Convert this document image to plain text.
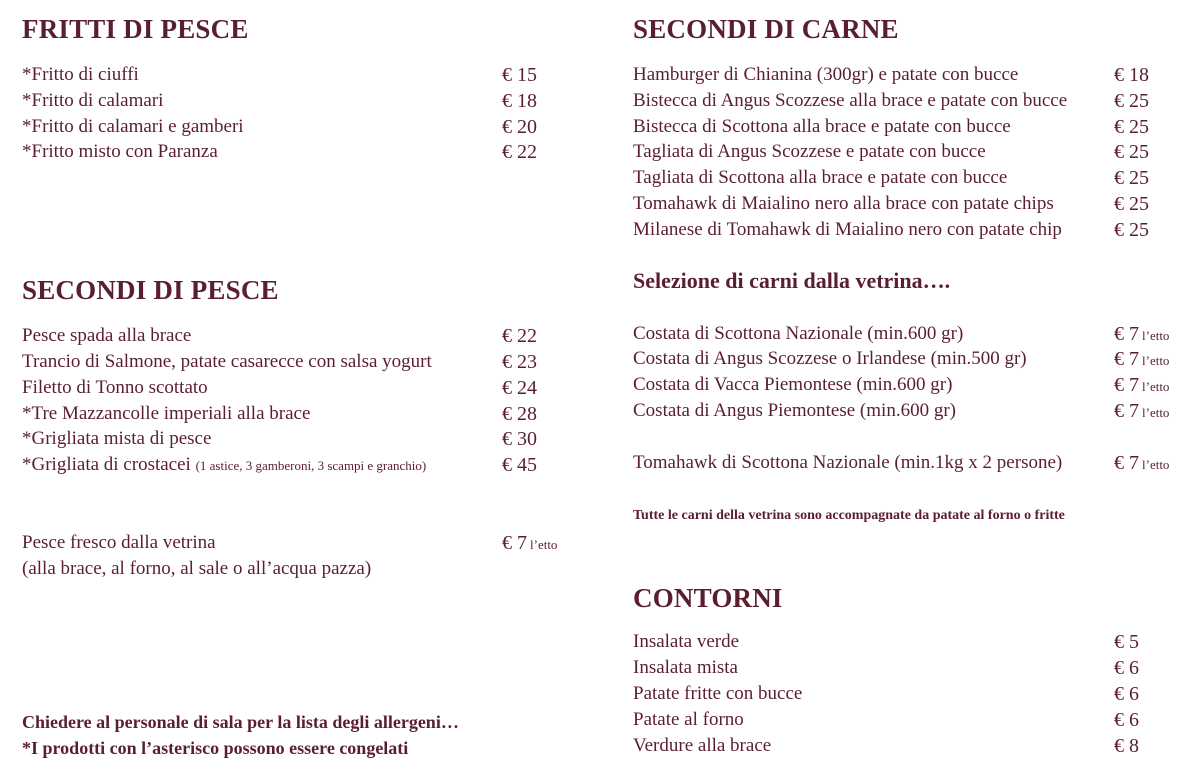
FRITTI DI PESCE
*Fritto di ciuffi	€ 15
*Fritto di calamari	€ 18
*Fritto di calamari e gamberi	€ 20
*Fritto misto con Paranza	€ 22
SECONDI DI PESCE
Pesce spada alla brace	€ 22
Trancio di Salmone, patate casarecce con salsa yogurt	€ 23
Filetto di Tonno scottato	€ 24
*Tre Mazzancolle imperiali alla brace	€ 28
*Grigliata mista di pesce	€ 30
*Grigliata di crostacei (1 astice, 3 gamberoni, 3 scampi e granchio)	€ 45
Pesce fresco dalla vetrina	€ 7 l’etto
(alla brace, al forno, al sale o all’acqua pazza)
Chiedere al personale di sala per la lista degli allergeni…
*I prodotti con l’asterisco possono essere congelati
SECONDI DI CARNE
Hamburger di Chianina (300gr) e patate con bucce	€ 18
Bistecca di Angus Scozzese alla brace e patate con bucce € 25
Bistecca di Scottona alla brace e patate con bucce	€ 25
Tagliata di Angus Scozzese e patate con bucce	€ 25
Tagliata di Scottona alla brace e patate con bucce	€ 25
Tomahawk di Maialino nero alla brace con patate chips	€ 25
Milanese di Tomahawk di Maialino nero con patate chip	€ 25
Selezione di carni dalla vetrina….
Costata di Scottona Nazionale (min.600 gr)	€ 7 l’etto
Costata di Angus Scozzese o Irlandese (min.500 gr)	€ 7 l’etto
Costata di Vacca Piemontese (min.600 gr)	€ 7 l’etto
Costata di Angus Piemontese (min.600 gr)	€ 7 l’etto
Tomahawk di Scottona Nazionale (min.1kg x 2 persone)	€ 7 l’etto
Tutte le carni della vetrina sono accompagnate da patate al forno o fritte
CONTORNI
Insalata verde	€ 5
Insalata mista	€ 6
Patate fritte con bucce	€ 6
Patate al forno	€ 6
Verdure alla brace	€ 8
